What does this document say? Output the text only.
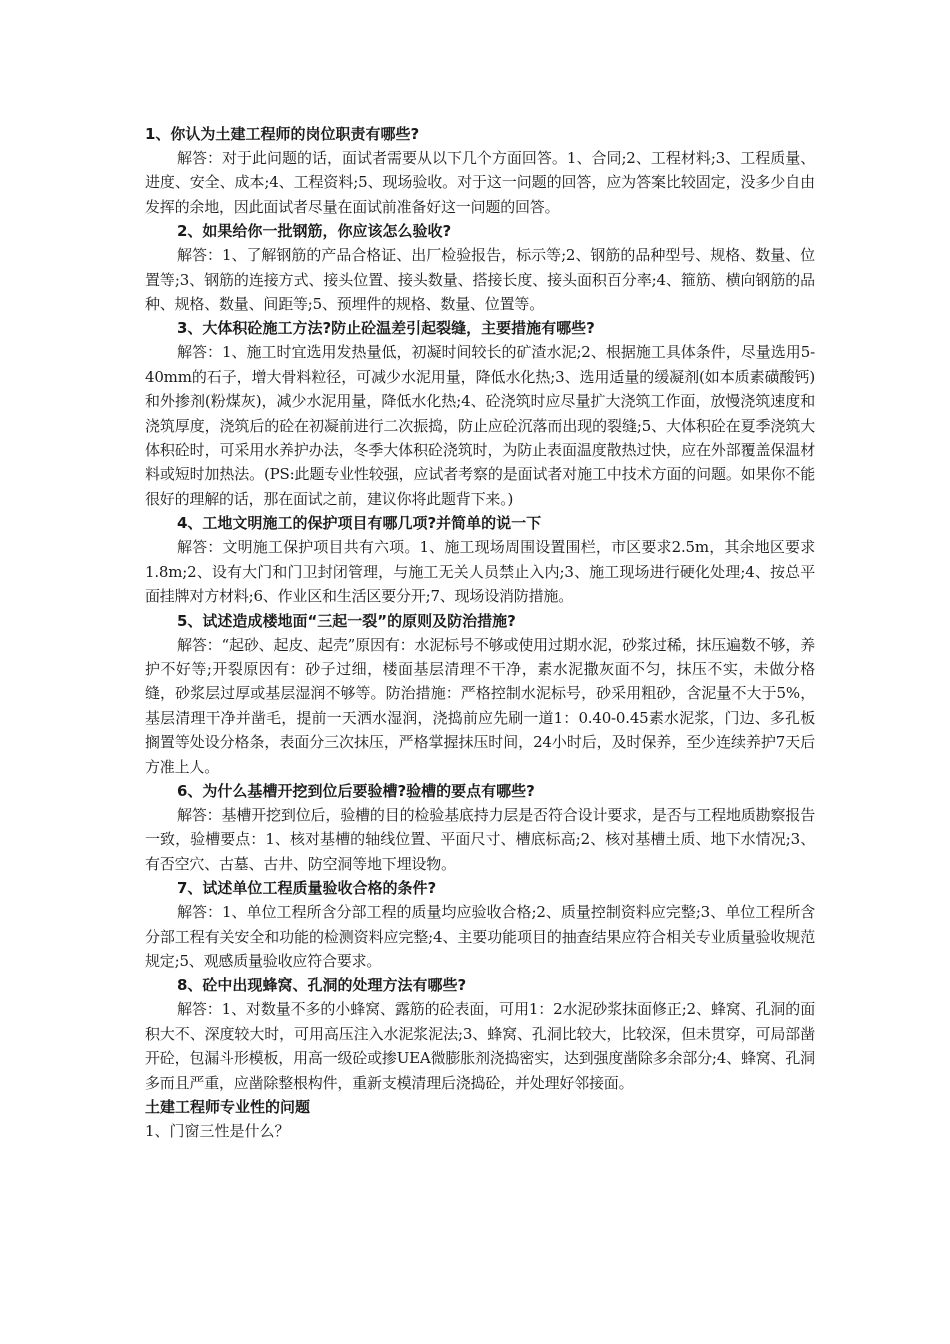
1、你认为土建工程师的岗位职责有哪些?

解答：对于此问题的话，面试者需要从以下几个方面回答。1、合同;2、工程材料;3、工程质量、进度、安全、成本;4、工程资料;5、现场验收。对于这一问题的回答，应为答案比较固定，没多少自由发挥的余地，因此面试者尽量在面试前准备好这一问题的回答。

2、如果给你一批钢筋，你应该怎么验收?

解答：1、了解钢筋的产品合格证、出厂检验报告，标示等;2、钢筋的品种型号、规格、数量、位置等;3、钢筋的连接方式、接头位置、接头数量、搭接长度、接头面积百分率;4、箍筋、横向钢筋的品种、规格、数量、间距等;5、预埋件的规格、数量、位置等。

3、大体积砼施工方法?防止砼温差引起裂缝，主要措施有哪些?

解答：1、施工时宜选用发热量低，初凝时间较长的矿渣水泥;2、根据施工具体条件，尽量选用5-40mm的石子，增大骨料粒径，可减少水泥用量，降低水化热;3、选用适量的缓凝剂(如本质素磺酸钙)和外掺剂(粉煤灰)，减少水泥用量，降低水化热;4、砼浇筑时应尽量扩大浇筑工作面，放慢浇筑速度和浇筑厚度，浇筑后的砼在初凝前进行二次振捣，防止应砼沉落而出现的裂缝;5、大体积砼在夏季浇筑大体积砼时，可采用水养护办法，冬季大体积砼浇筑时，为防止表面温度散热过快，应在外部覆盖保温材料或短时加热法。(PS:此题专业性较强，应试者考察的是面试者对施工中技术方面的问题。如果你不能很好的理解的话，那在面试之前，建议你将此题背下来。)

4、工地文明施工的保护项目有哪几项?并简单的说一下

解答：文明施工保护项目共有六项。1、施工现场周围设置围栏，市区要求2.5m，其余地区要求1.8m;2、设有大门和门卫封闭管理，与施工无关人员禁止入内;3、施工现场进行硬化处理;4、按总平面挂牌对方材料;6、作业区和生活区要分开;7、现场设消防措施。

5、试述造成楼地面“三起一裂”的原则及防治措施?

解答：“起砂、起皮、起壳”原因有：水泥标号不够或使用过期水泥，砂浆过稀，抹压遍数不够，养护不好等;开裂原因有：砂子过细，楼面基层清理不干净，素水泥撒灰面不匀，抹压不实，未做分格缝，砂浆层过厚或基层湿润不够等。防治措施：严格控制水泥标号，砂采用粗砂，含泥量不大于5%，基层清理干净并凿毛，提前一天洒水湿润，浇捣前应先刷一道1：0.40-0.45素水泥浆，门边、多孔板搁置等处设分格条，表面分三次抹压，严格掌握抹压时间，24小时后，及时保养，至少连续养护7天后方准上人。

6、为什么基槽开挖到位后要验槽?验槽的要点有哪些?

解答：基槽开挖到位后，验槽的目的检验基底持力层是否符合设计要求，是否与工程地质勘察报告一致，验槽要点：1、核对基槽的轴线位置、平面尺寸、槽底标高;2、核对基槽土质、地下水情况;3、有否空穴、古墓、古井、防空洞等地下埋设物。

7、试述单位工程质量验收合格的条件?

解答：1、单位工程所含分部工程的质量均应验收合格;2、质量控制资料应完整;3、单位工程所含分部工程有关安全和功能的检测资料应完整;4、主要功能项目的抽查结果应符合相关专业质量验收规范规定;5、观感质量验收应符合要求。

8、砼中出现蜂窝、孔洞的处理方法有哪些?

解答：1、对数量不多的小蜂窝、露筋的砼表面，可用1：2水泥砂浆抹面修正;2、蜂窝、孔洞的面积大不、深度较大时，可用高压注入水泥浆泥法;3、蜂窝、孔洞比较大，比较深，但未贯穿，可局部凿开砼，包漏斗形模板，用高一级砼或掺UEA微膨胀剂浇捣密实，达到强度凿除多余部分;4、蜂窝、孔洞多而且严重，应凿除整根构件，重新支模清理后浇捣砼，并处理好邻接面。

土建工程师专业性的问题

1、门窗三性是什么？
